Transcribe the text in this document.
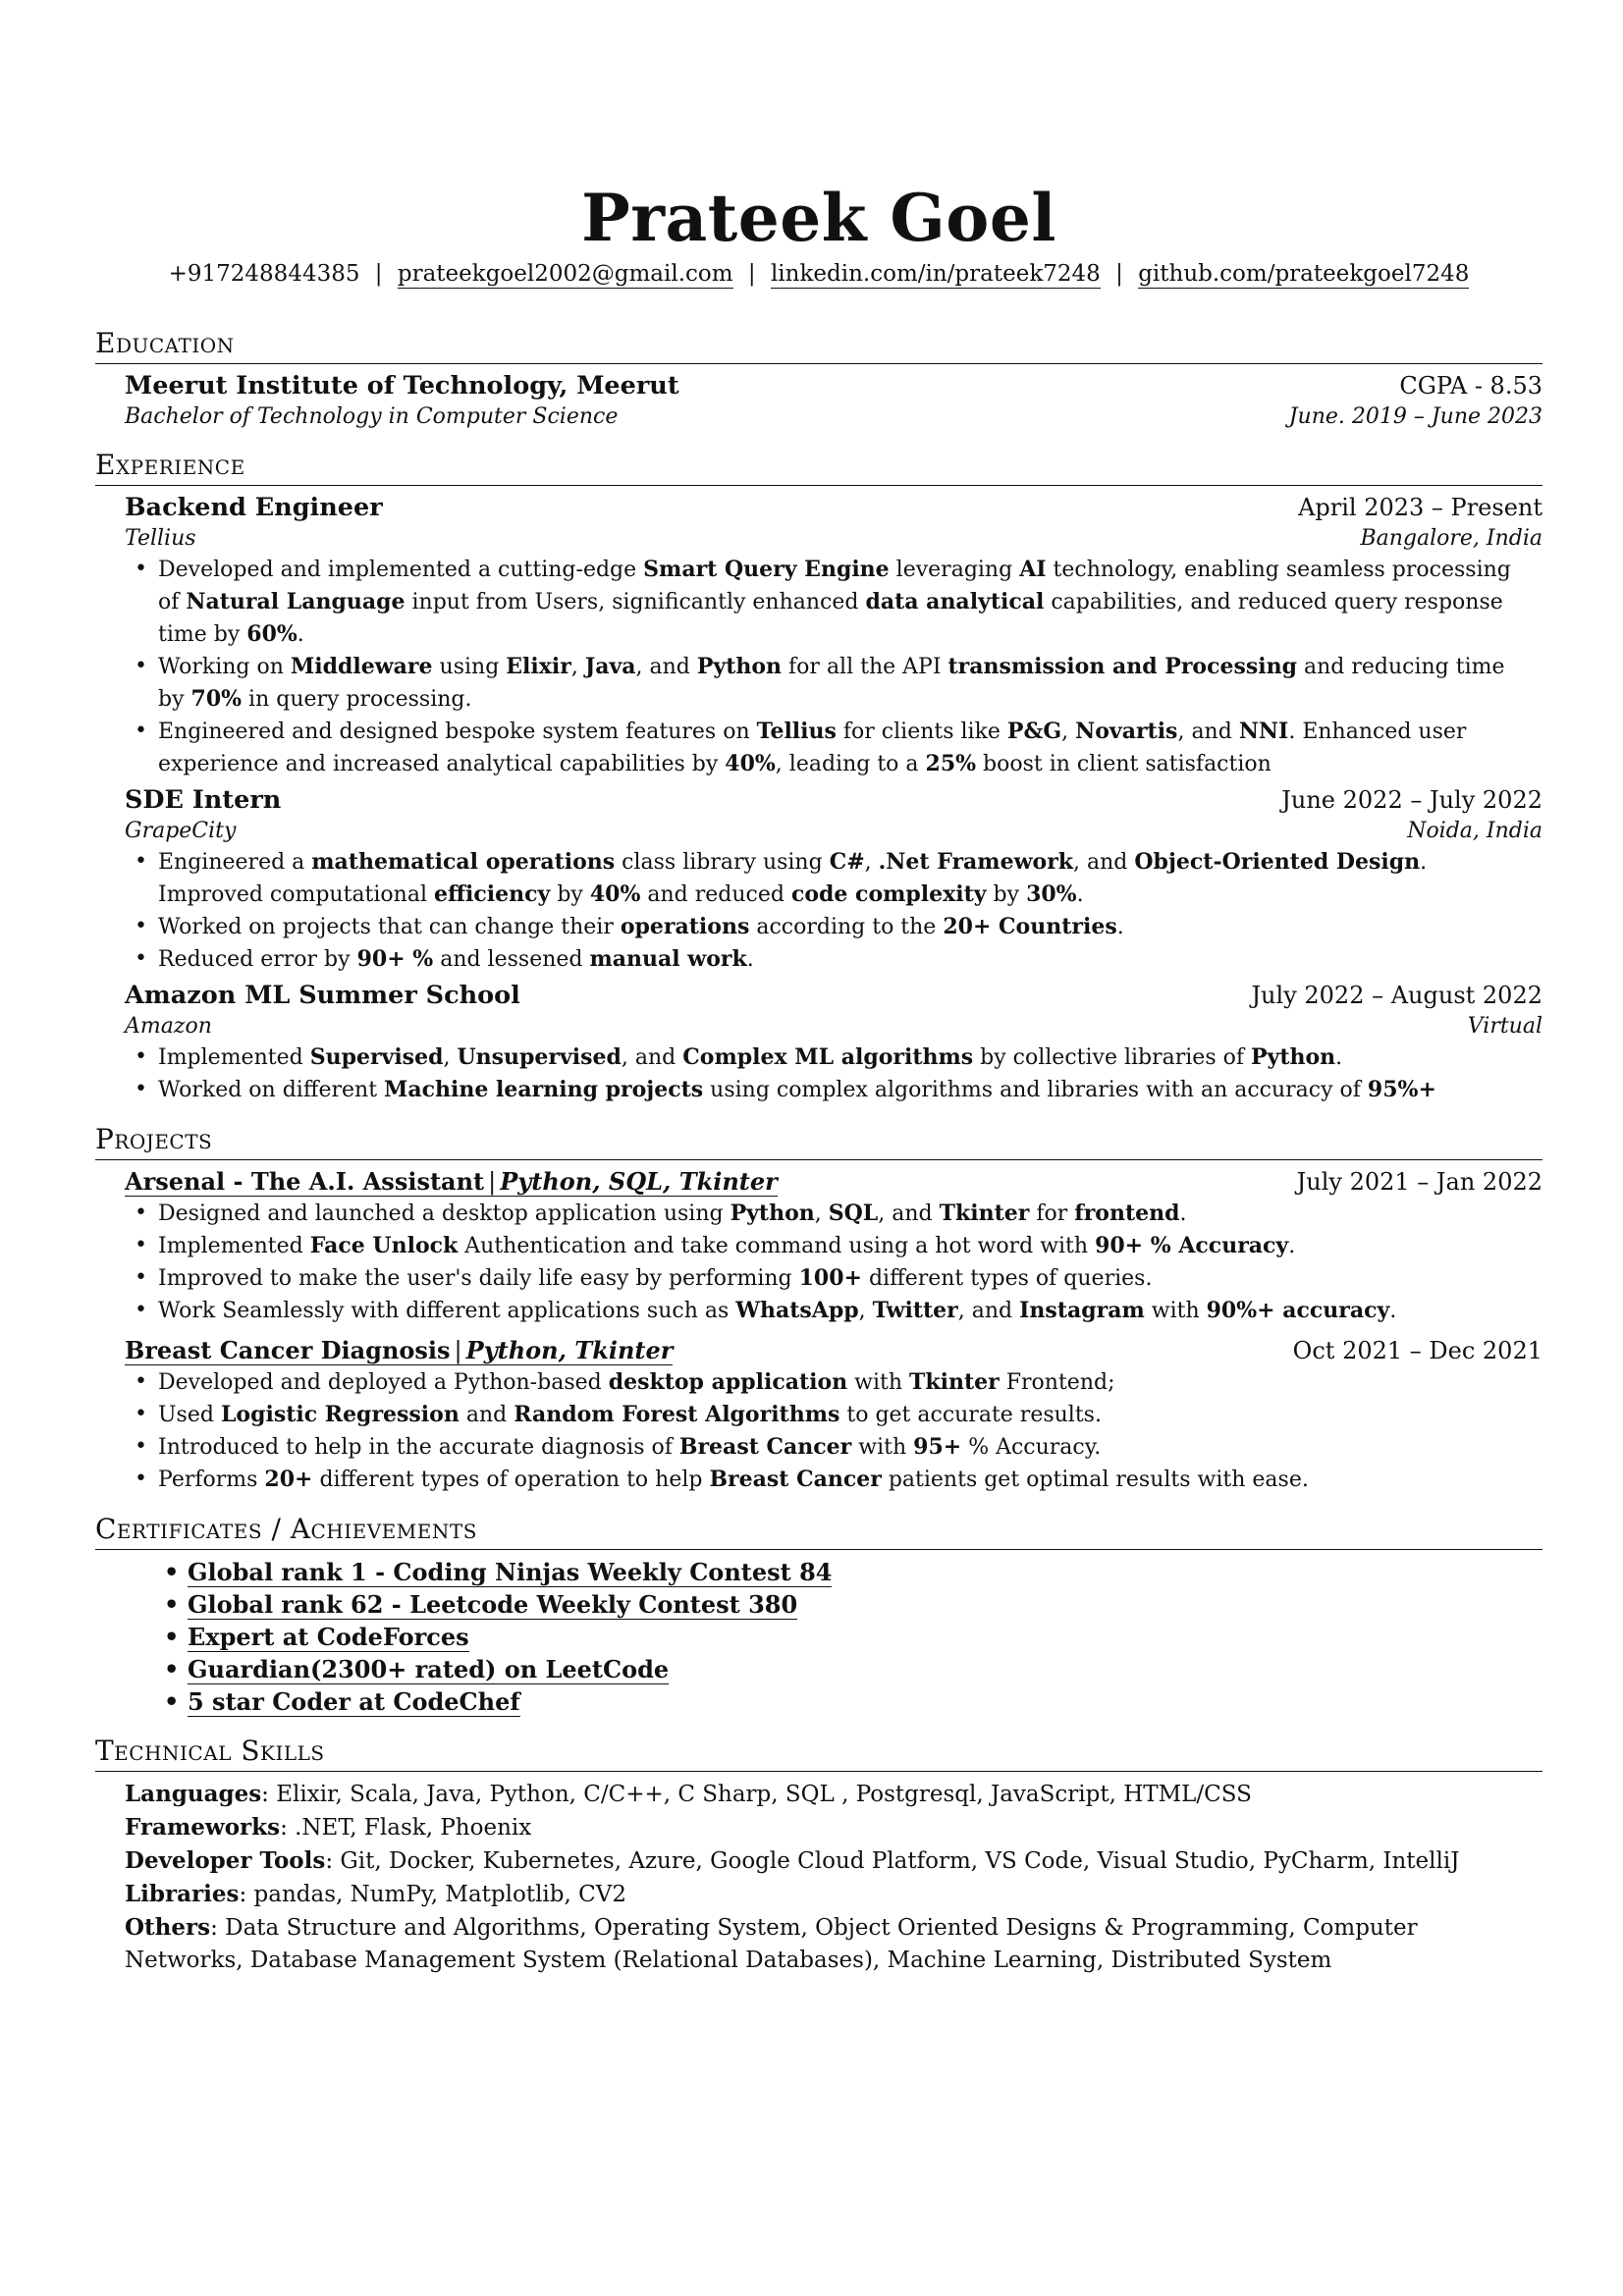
Prateek Goel
+917248844385 | prateekgoel2002@gmail.com | linkedin.com/in/prateek7248 | github.com/prateekgoel7248
Education
Meerut Institute of Technology, Meerut	CGPA - 8.53
Bachelor of Technology in Computer Science	June. 2019 – June 2023
Experience
Backend Engineer	April 2023 – Present
Tellius	Bangalore, India
• Developed and implemented a cutting-edge Smart Query Engine leveraging AI technology, enabling seamless processing of Natural Language input from Users, significantly enhanced data analytical capabilities, and reduced query response time by 60%.
• Working on Middleware using Elixir, Java, and Python for all the API transmission and Processing and reducing time by 70% in query processing.
• Engineered and designed bespoke system features on Tellius for clients like P&G, Novartis, and NNI. Enhanced user experience and increased analytical capabilities by 40%, leading to a 25% boost in client satisfaction
SDE Intern	June 2022 – July 2022
GrapeCity	Noida, India
• Engineered a mathematical operations class library using C#, .Net Framework, and Object-Oriented Design. Improved computational efficiency by 40% and reduced code complexity by 30%.
• Worked on projects that can change their operations according to the 20+ Countries.
• Reduced error by 90+ % and lessened manual work.
Amazon ML Summer School	July 2022 – August 2022
Amazon	Virtual
• Implemented Supervised, Unsupervised, and Complex ML algorithms by collective libraries of Python.
• Worked on different Machine learning projects using complex algorithms and libraries with an accuracy of 95%+
Projects
Arsenal - The A.I. Assistant | Python, SQL, Tkinter	July 2021 – Jan 2022
• Designed and launched a desktop application using Python, SQL, and Tkinter for frontend.
• Implemented Face Unlock Authentication and take command using a hot word with 90+ % Accuracy.
• Improved to make the user's daily life easy by performing 100+ different types of queries.
• Work Seamlessly with different applications such as WhatsApp, Twitter, and Instagram with 90%+ accuracy.
Breast Cancer Diagnosis | Python, Tkinter	Oct 2021 – Dec 2021
• Developed and deployed a Python-based desktop application with Tkinter Frontend;
• Used Logistic Regression and Random Forest Algorithms to get accurate results.
• Introduced to help in the accurate diagnosis of Breast Cancer with 95+ % Accuracy.
• Performs 20+ different types of operation to help Breast Cancer patients get optimal results with ease.
Certificates / Achievements
• Global rank 1 - Coding Ninjas Weekly Contest 84
• Global rank 62 - Leetcode Weekly Contest 380
• Expert at CodeForces
• Guardian(2300+ rated) on LeetCode
• 5 star Coder at CodeChef
Technical Skills

Languages: Elixir, Scala, Java, Python, C/C++, C Sharp, SQL , Postgresql, JavaScript, HTML/CSS

Frameworks: .NET, Flask, Phoenix

Developer Tools: Git, Docker, Kubernetes, Azure, Google Cloud Platform, VS Code, Visual Studio, PyCharm, IntelliJ

Libraries: pandas, NumPy, Matplotlib, CV2

Others: Data Structure and Algorithms, Operating System, Object Oriented Designs & Programming, Computer Networks, Database Management System (Relational Databases), Machine Learning, Distributed System
